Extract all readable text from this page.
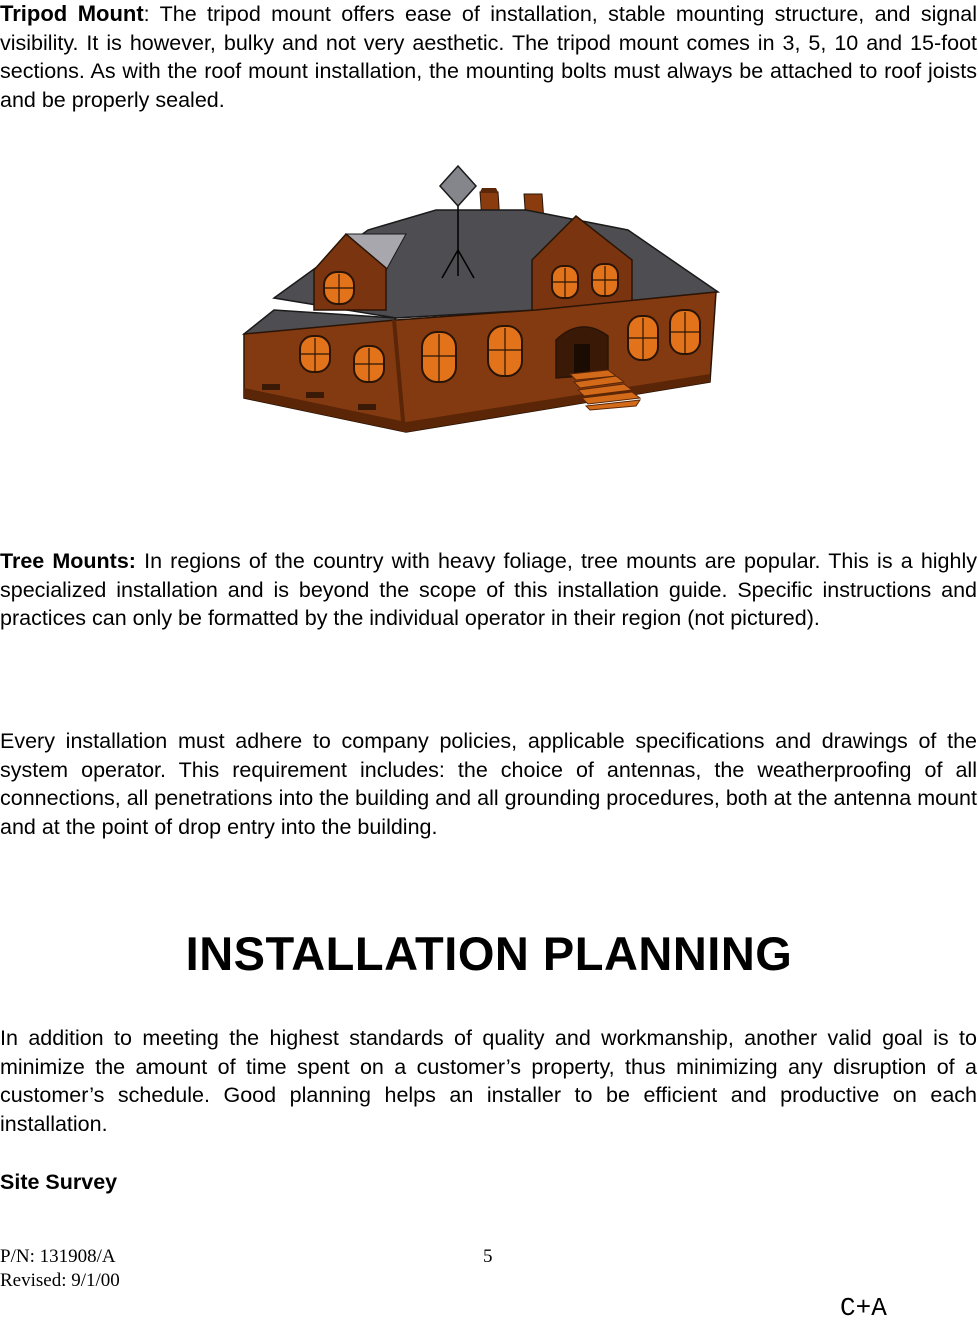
Tripod Mount: The tripod mount offers ease of installation, stable mounting structure, and signal visibility. It is however, bulky and not very aesthetic. The tripod mount comes in 3, 5, 10 and 15-foot sections. As with the roof mount installation, the mounting bolts must always be attached to roof joists and be properly sealed.

Tree Mounts: In regions of the country with heavy foliage, tree mounts are popular. This is a highly specialized installation and is beyond the scope of this installation guide. Specific instructions and practices can only be formatted by the individual operator in their region (not pictured).

Every installation must adhere to company policies, applicable specifications and drawings of the system operator. This requirement includes: the choice of antennas, the weatherproofing of all connections, all penetrations into the building and all grounding procedures, both at the antenna mount and at the point of drop entry into the building.

INSTALLATION PLANNING

In addition to meeting the highest standards of quality and workmanship, another valid goal is to minimize the amount of time spent on a customer’s property, thus minimizing any disruption of a customer’s schedule. Good planning helps an installer to be efficient and productive on each installation.

Site Survey
P/N: 131908/A
Revised: 9/1/00
5
C+A
